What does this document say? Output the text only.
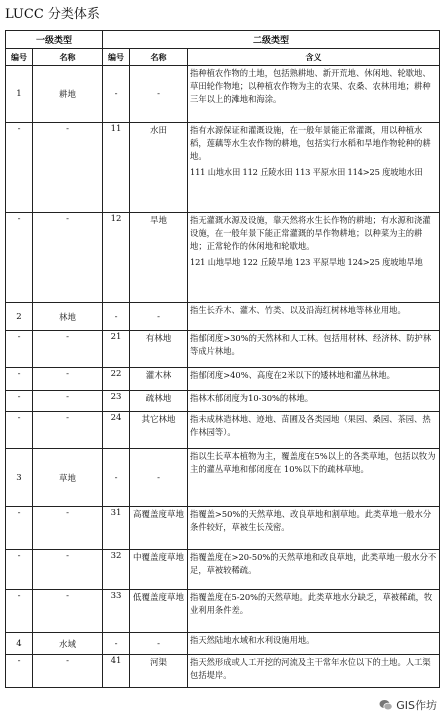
LUCC 分类体系
一级类型		二级类型		
编号	名称	编号	名称	含义
1	耕地	-	-	指种植农作物的土地，包括熟耕地、新开荒地、休闲地、轮歇地、草田轮作物地；以种植农作物为主的农果、农桑、农林用地；耕种三年以上的滩地和海涂。
-	-	11	水田	指有水源保证和灌溉设施，在一般年景能正常灌溉，用以种植水稻，莲藕等水生农作物的耕地，包括实行水稻和旱地作物轮种的耕地。
111 山地水田 112 丘陵水田 113 平原水田 114>25 度坡地水田

-	-	12	旱地	指无灌溉水源及设施，靠天然将水生长作物的耕地；有水源和浇灌设施，在一般年景下能正常灌溉的旱作物耕地；以种菜为主的耕地；正常轮作的休闲地和轮歇地。
121 山地旱地 122 丘陵旱地 123 平原旱地 124>25 度坡地旱地

2	林地	-	-	指生长乔木、灌木、竹类、以及沿海红树林地等林业用地。
-	-	21	有林地	指郁闭度>30%的天然林和人工林。包括用材林、经济林、防护林等成片林地。
-	-	22	灌木林	指郁闭度>40%、高度在2米以下的矮林地和灌丛林地。
-	-	23	疏林地	指林木郁闭度为10-30%的林地。
-	-	24	其它林地	指未成林造林地、迹地、苗圃及各类园地（果园、桑园、茶园、热作林园等）。
3	草地	-	-	指以生长草本植物为主，覆盖度在5%以上的各类草地，包括以牧为主的灌丛草地和郁闭度在 10%以下的疏林草地。
-	-	31	高覆盖度草地	指覆盖>50%的天然草地、改良草地和割草地。此类草地一般水分条件较好，草被生长茂密。
-	-	32	中覆盖度草地	指覆盖度在>20-50%的天然草地和改良草地，此类草地一般水分不足，草被较稀疏。
-	-	33	低覆盖度草地	指覆盖度在5-20%的天然草地。此类草地水分缺乏，草被稀疏，牧业利用条件差。
4	水域	-	-	指天然陆地水域和水利设施用地。
-	-	41	河渠	指天然形成或人工开挖的河流及主干常年水位以下的土地。人工渠包括堤岸。
GIS作坊
